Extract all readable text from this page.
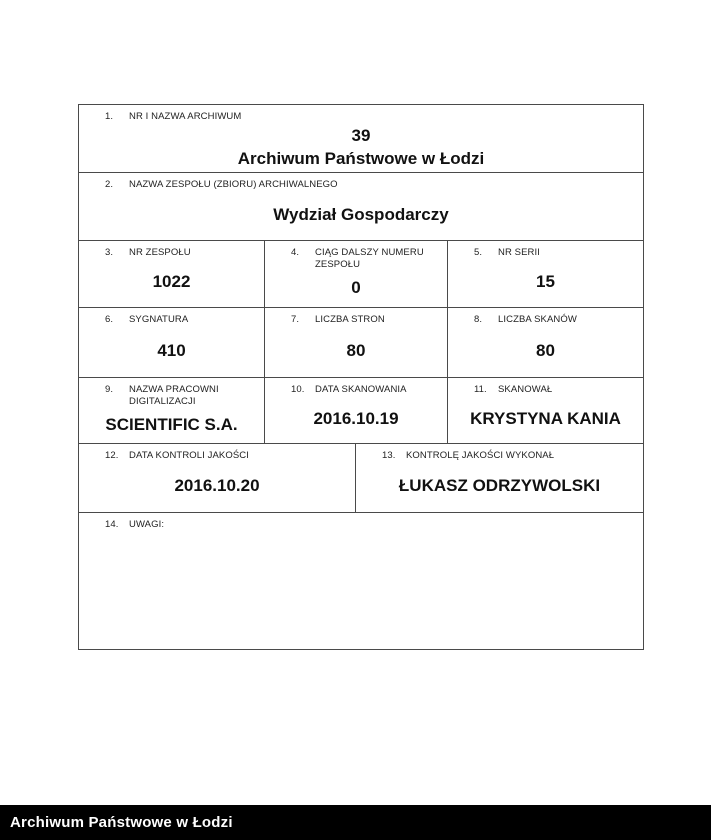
1.	NR I NAZWA ARCHIWUM
39
Archiwum Państwowe w Łodzi
2.	NAZWA ZESPOŁU (ZBIORU) ARCHIWALNEGO
Wydział Gospodarczy
3.	NR ZESPOŁU
1022
4.	CIĄG DALSZY NUMERU ZESPOŁU
0
5.	NR SERII
15
6.	SYGNATURA
410
7.	LICZBA STRON
80
8.	LICZBA SKANÓW
80
9.	NAZWA PRACOWNI DIGITALIZACJI
SCIENTIFIC S.A.
10.	DATA SKANOWANIA
2016.10.19
11.	SKANOWAŁ
KRYSTYNA KANIA
12.	DATA KONTROLI JAKOŚCI
2016.10.20
13.	KONTROLĘ JAKOŚCI WYKONAŁ
ŁUKASZ ODRZYWOLSKI
14.	UWAGI:
Archiwum Państwowe w Łodzi
